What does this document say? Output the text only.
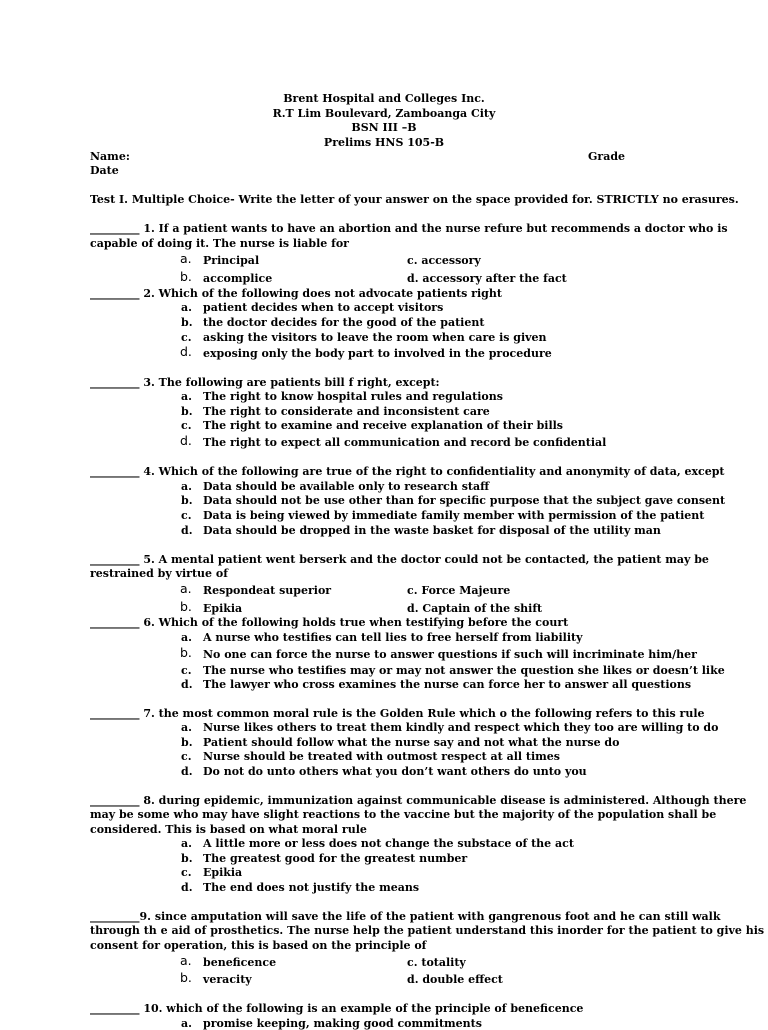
Brent Hospital and Colleges Inc.
R.T Lim Boulevard, Zamboanga City
BSN III –B
Prelims HNS 105-B
Name:	Grade
Date
Test I. Multiple Choice- Write the letter of your answer on the space provided for. STRICTLY no erasures.
_________ 1. If a patient wants to have an abortion and the nurse refure but recommends a doctor who is
capable of doing it. The nurse is liable for
a. Principal	c. accessory
b. accomplice	d. accessory after the fact
_________ 2. Which of the following does not advocate patients right
a. patient decides when to accept visitors
b. the doctor decides for the good of the patient
c. asking the visitors to leave the room when care is given
d. exposing only the body part to involved in the procedure
_________ 3. The following are patients bill f right, except:
a. The right to know hospital rules and regulations
b. The right to considerate and inconsistent care
c. The right to examine and receive explanation of their bills
d. The right to expect all communication and record be confidential
_________ 4. Which of the following are true of the right to confidentiality and anonymity of data, except
a. Data should be available only to research staff
b. Data should not be use other than for specific purpose that the subject gave consent
c. Data is being viewed by immediate family member with permission of the patient
d. Data should be dropped in the waste basket for disposal of the utility man
_________ 5. A mental patient went berserk and the doctor could not be contacted, the patient may be
restrained by virtue of
a. Respondeat superior	c. Force Majeure
b. Epikia	d. Captain of the shift
_________ 6. Which of the following holds true when testifying before the court
a. A nurse who testifies can tell lies to free herself from liability
b. No one can force the nurse to answer questions if such will incriminate him/her
c. The nurse who testifies may or may not answer the question she likes or doesn’t like
d. The lawyer who cross examines the nurse can force her to answer all questions
_________ 7. the most common moral rule is the Golden Rule which o the following refers to this rule
a. Nurse likes others to treat them kindly and respect which they too are willing to do
b. Patient should follow what the nurse say and not what the nurse do
c. Nurse should be treated with outmost respect at all times
d. Do not do unto others what you don’t want others do unto you
_________ 8. during epidemic, immunization against communicable disease is administered. Although there
may be some who may have slight reactions to the vaccine but the majority of the population shall be
considered. This is based on what moral rule
a. A little more or less does not change the substace of the act
b. The greatest good for the greatest number
c. Epikia
d. The end does not justify the means
_________9. since amputation will save the life of the patient with gangrenous foot and he can still walk
through th e aid of prosthetics. The nurse help the patient understand this inorder for the patient to give his
consent for operation, this is based on the principle of
a. beneficence	c. totality
b. veracity	d. double effect
_________ 10. which of the following is an example of the principle of beneficence
a. promise keeping, making good commitments
